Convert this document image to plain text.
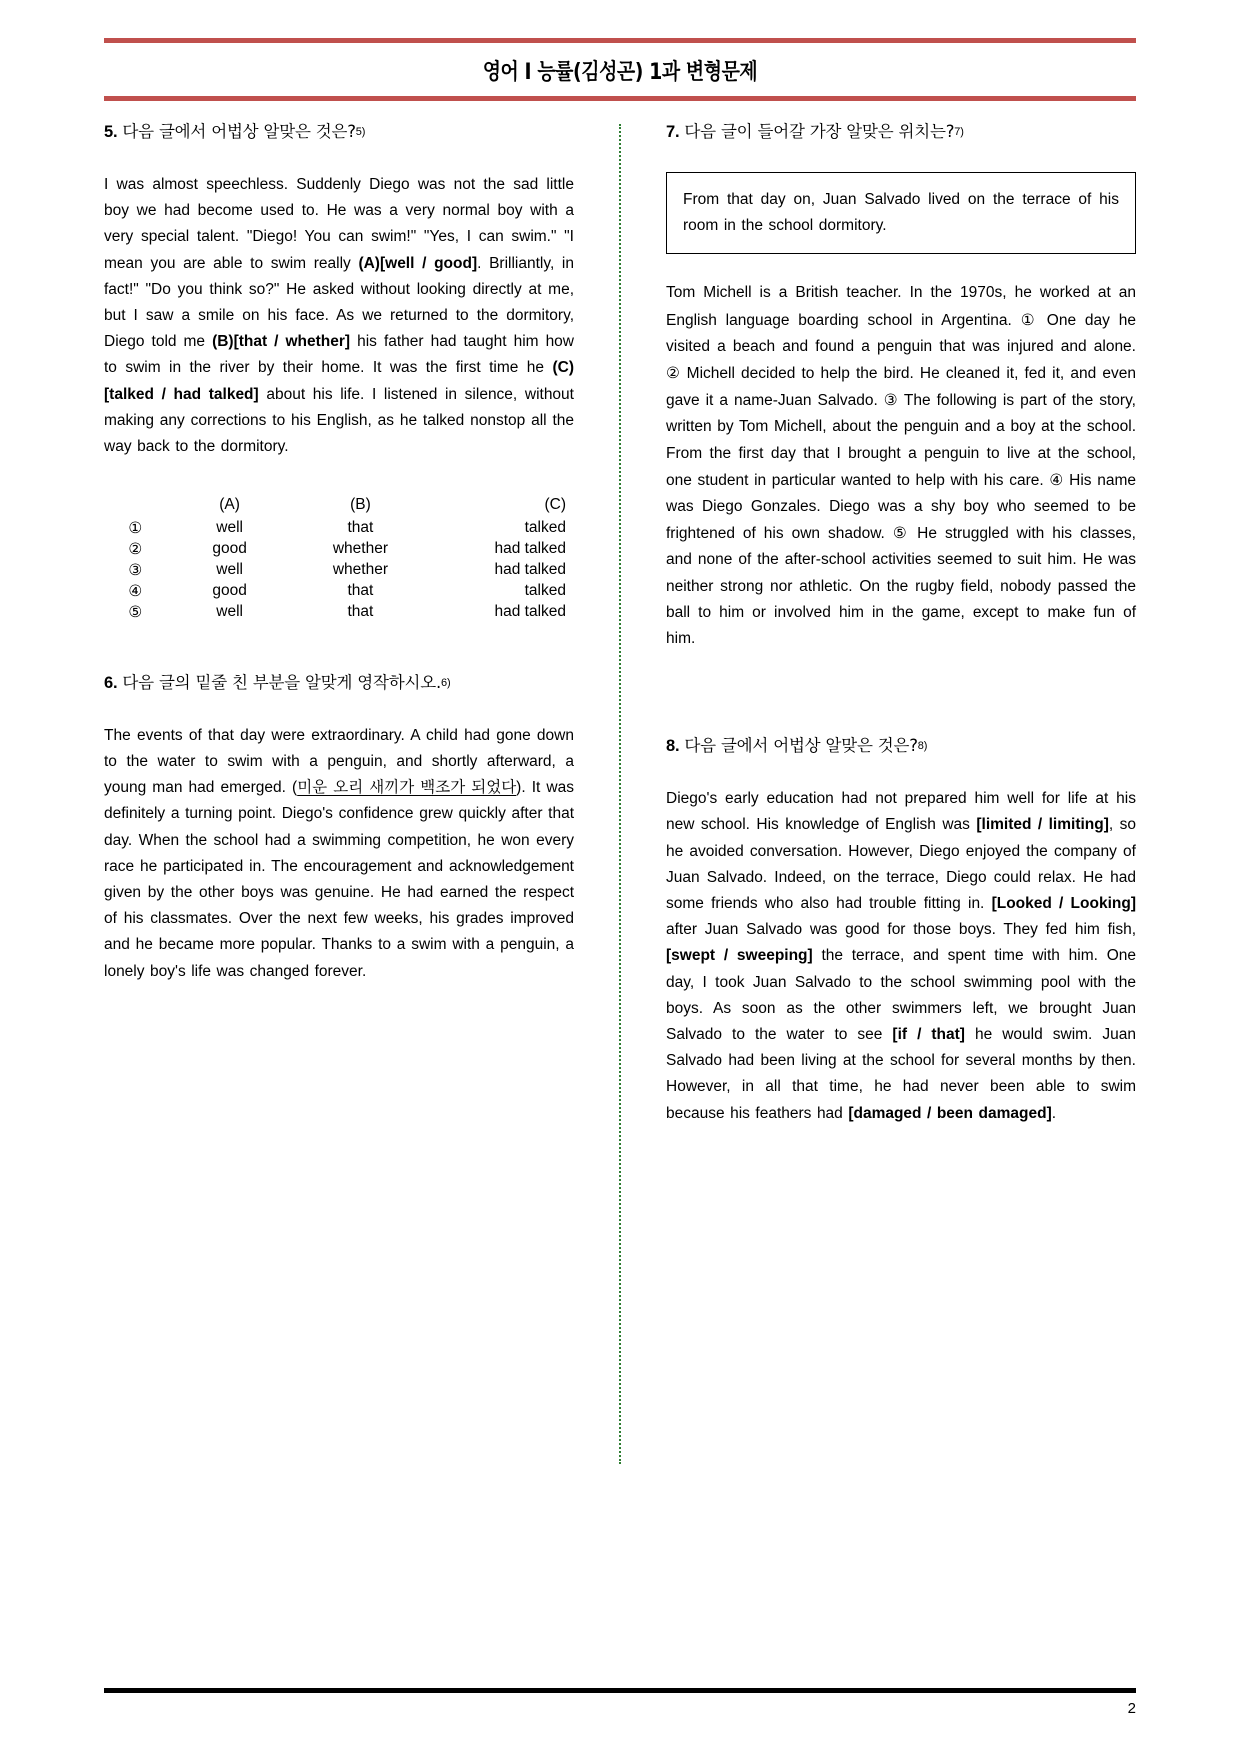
영어 I 능률(김성곤) 1과 변형문제
5. 다음 글에서 어법상 알맞은 것은?5)
I was almost speechless. Suddenly Diego was not the sad little boy we had become used to. He was a very normal boy with a very special talent. "Diego! You can swim!" "Yes, I can swim." "I mean you are able to swim really (A)[well / good]. Brilliantly, in fact!" "Do you think so?" He asked without looking directly at me, but I saw a smile on his face. As we returned to the dormitory, Diego told me (B)[that / whether] his father had taught him how to swim in the river by their home. It was the first time he (C)[talked / had talked] about his life. I listened in silence, without making any corrections to his English, as he talked nonstop all the way back to the dormitory.
	(A)	(B)	(C)
①	well	that	talked
②	good	whether	had talked
③	well	whether	had talked
④	good	that	talked
⑤	well	that	had talked
6. 다음 글의 밑줄 친 부분을 알맞게 영작하시오.6)
The events of that day were extraordinary. A child had gone down to the water to swim with a penguin, and shortly afterward, a young man had emerged. (미운 오리 새끼가 백조가 되었다). It was definitely a turning point. Diego's confidence grew quickly after that day. When the school had a swimming competition, he won every race he participated in. The encouragement and acknowledgement given by the other boys was genuine. He had earned the respect of his classmates. Over the next few weeks, his grades improved and he became more popular. Thanks to a swim with a penguin, a lonely boy's life was changed forever.
7. 다음 글이 들어갈 가장 알맞은 위치는?7)

From that day on, Juan Salvado lived on the terrace of his room in the school dormitory.

Tom Michell is a British teacher. In the 1970s, he worked at an English language boarding school in Argentina. ① One day he visited a beach and found a penguin that was injured and alone. ② Michell decided to help the bird. He cleaned it, fed it, and even gave it a name-Juan Salvado. ③ The following is part of the story, written by Tom Michell, about the penguin and a boy at the school. From the first day that I brought a penguin to live at the school, one student in particular wanted to help with his care. ④ His name was Diego Gonzales. Diego was a shy boy who seemed to be frightened of his own shadow. ⑤ He struggled with his classes, and none of the after-school activities seemed to suit him. He was neither strong nor athletic. On the rugby field, nobody passed the ball to him or involved him in the game, except to make fun of him.
8. 다음 글에서 어법상 알맞은 것은?8)
Diego's early education had not prepared him well for life at his new school. His knowledge of English was [limited / limiting], so he avoided conversation. However, Diego enjoyed the company of Juan Salvado. Indeed, on the terrace, Diego could relax. He had some friends who also had trouble fitting in. [Looked / Looking] after Juan Salvado was good for those boys. They fed him fish, [swept / sweeping] the terrace, and spent time with him. One day, I took Juan Salvado to the school swimming pool with the boys. As soon as the other swimmers left, we brought Juan Salvado to the water to see [if / that] he would swim. Juan Salvado had been living at the school for several months by then. However, in all that time, he had never been able to swim because his feathers had [damaged / been damaged].
2
